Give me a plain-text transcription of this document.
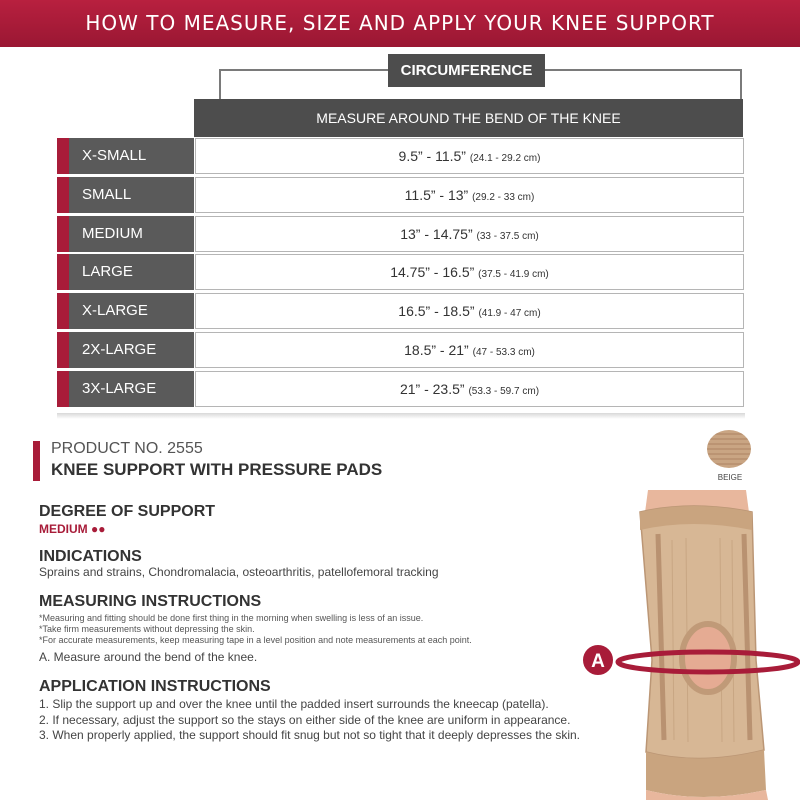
HOW TO MEASURE, SIZE AND APPLY YOUR KNEE SUPPORT
CIRCUMFERENCE
MEASURE AROUND THE BEND OF THE KNEE
X-SMALL	9.5” - 11.5” (24.1 - 29.2 cm)
SMALL	11.5” - 13” (29.2 - 33 cm)
MEDIUM	13” - 14.75” (33 - 37.5 cm)
LARGE	14.75” - 16.5” (37.5 - 41.9 cm)
X-LARGE	16.5” - 18.5” (41.9 - 47 cm)
2X-LARGE	18.5” - 21” (47 - 53.3 cm)
3X-LARGE	21” - 23.5” (53.3 - 59.7 cm)
PRODUCT NO. 2555
KNEE SUPPORT WITH PRESSURE PADS	BEIGE
DEGREE OF SUPPORT
MEDIUM ●●
INDICATIONS
Sprains and strains, Chondromalacia, osteoarthritis, patellofemoral tracking
MEASURING INSTRUCTIONS
*Measuring and fitting should be done first thing in the morning when swelling is less of an issue.
*Take firm measurements without depressing the skin.
*For accurate measurements, keep measuring tape in a level position and note measurements at each point.
A. Measure around the bend of the knee.
APPLICATION INSTRUCTIONS
1. Slip the support up and over the knee until the padded insert surrounds the kneecap (patella).
2. If necessary, adjust the support so the stays on either side of the knee are uniform in appearance.
3. When properly applied, the support should fit snug but not so tight that it deeply depresses the skin.
A
